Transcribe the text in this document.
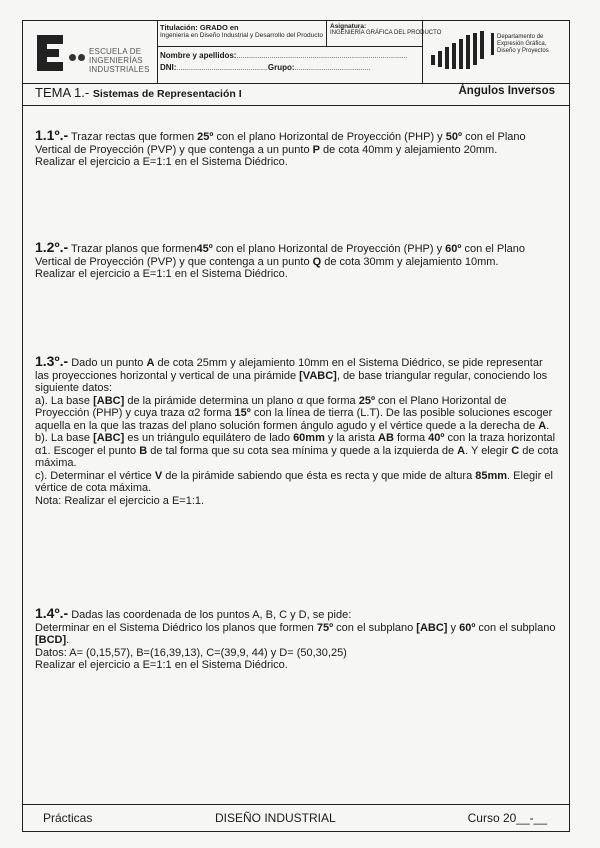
ESCUELA DE
INGENIERÍAS
INDUSTRIALES
Titulación: GRADO en
Ingeniería en Diseño Industrial y Desarrollo del Producto
Asignatura:
INGENIERÍA GRÁFICA DEL PRODUCTO
Nombre y apellidos:........................................................................................
DNI:...............................................Grupo:.......................................
Departamento de
Expresión Gráfica,
Diseño y Proyectos
TEMA 1.- Sistemas de Representación I	Ángulos Inversos

1.1º.- Trazar rectas que formen 25º con el plano Horizontal de Proyección (PHP) y 50º con el Plano Vertical de Proyección (PVP) y que contenga a un punto P de cota 40mm y alejamiento 20mm.

Realizar el ejercicio a E=1:1 en el Sistema Diédrico.

1.2º.- Trazar planos que formen45º con el plano Horizontal de Proyección (PHP) y 60º con el Plano Vertical de Proyección (PVP) y que contenga a un punto Q de cota 30mm y alejamiento 10mm.

Realizar el ejercicio a E=1:1 en el Sistema Diédrico.

1.3º.- Dado un punto A de cota 25mm y alejamiento 10mm en el Sistema Diédrico, se pide representar las proyecciones horizontal y vertical de una pirámide [VABC], de base triangular regular, conociendo los siguiente datos:

a). La base [ABC] de la pirámide determina un plano α que forma 25º con el Plano Horizontal de Proyección (PHP) y cuya traza α2 forma 15º con la línea de tierra (L.T). De las posible soluciones escoger aquella en la que las trazas del plano solución formen ángulo agudo y el vértice quede a la derecha de A.

b). La base [ABC] es un triángulo equilátero de lado 60mm y la arista AB forma 40º con la traza horizontal α1. Escoger el punto B de tal forma que su cota sea mínima y quede a la izquierda de A. Y elegir C de cota máxima.

c). Determinar el vértice V de la pirámide sabiendo que ésta es recta y que mide de altura 85mm. Elegir el vértice de cota máxima.

Nota: Realizar el ejercicio a E=1:1.

1.4º.- Dadas las coordenada de los puntos A, B, C y D, se pide:

Determinar en el Sistema Diédrico los planos que formen 75º con el subplano [ABC] y 60º con el subplano [BCD].

Datos: A= (0,15,57), B=(16,39,13), C=(39,9, 44) y D= (50,30,25)

Realizar el ejercicio a E=1:1 en el Sistema Diédrico.

Prácticas	DISEÑO INDUSTRIAL	Curso 20__-__
